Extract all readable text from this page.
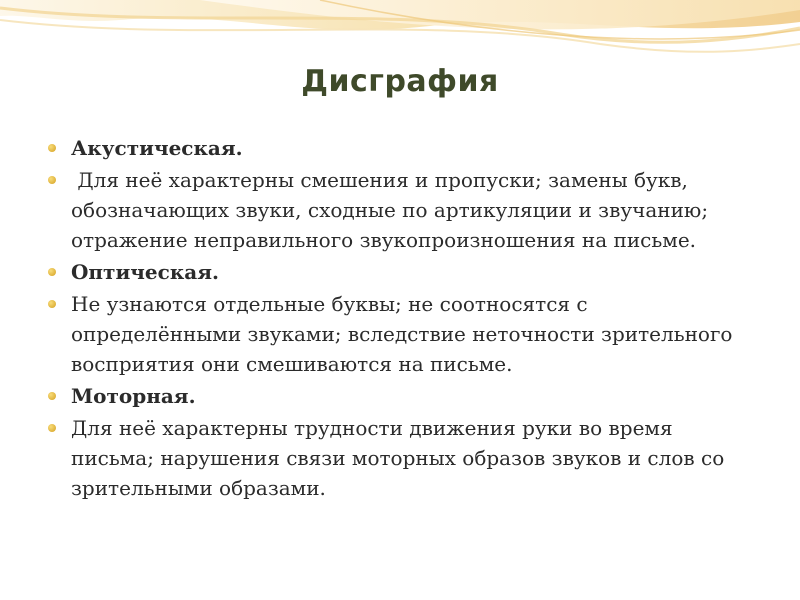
Дисграфия
Акустическая.
Для неё характерны смешения и пропуски; замены букв, обозначающих звуки, сходные по артикуляции и звучанию; отражение неправильного звукопроизношения на письме.
Оптическая.
Не узнаются отдельные буквы; не соотносятся с определёнными звуками; вследствие неточности зрительного восприятия они смешиваются на письме.
Моторная.
Для неё характерны трудности движения руки во время письма; нарушения связи моторных образов звуков и слов со зрительными образами.
